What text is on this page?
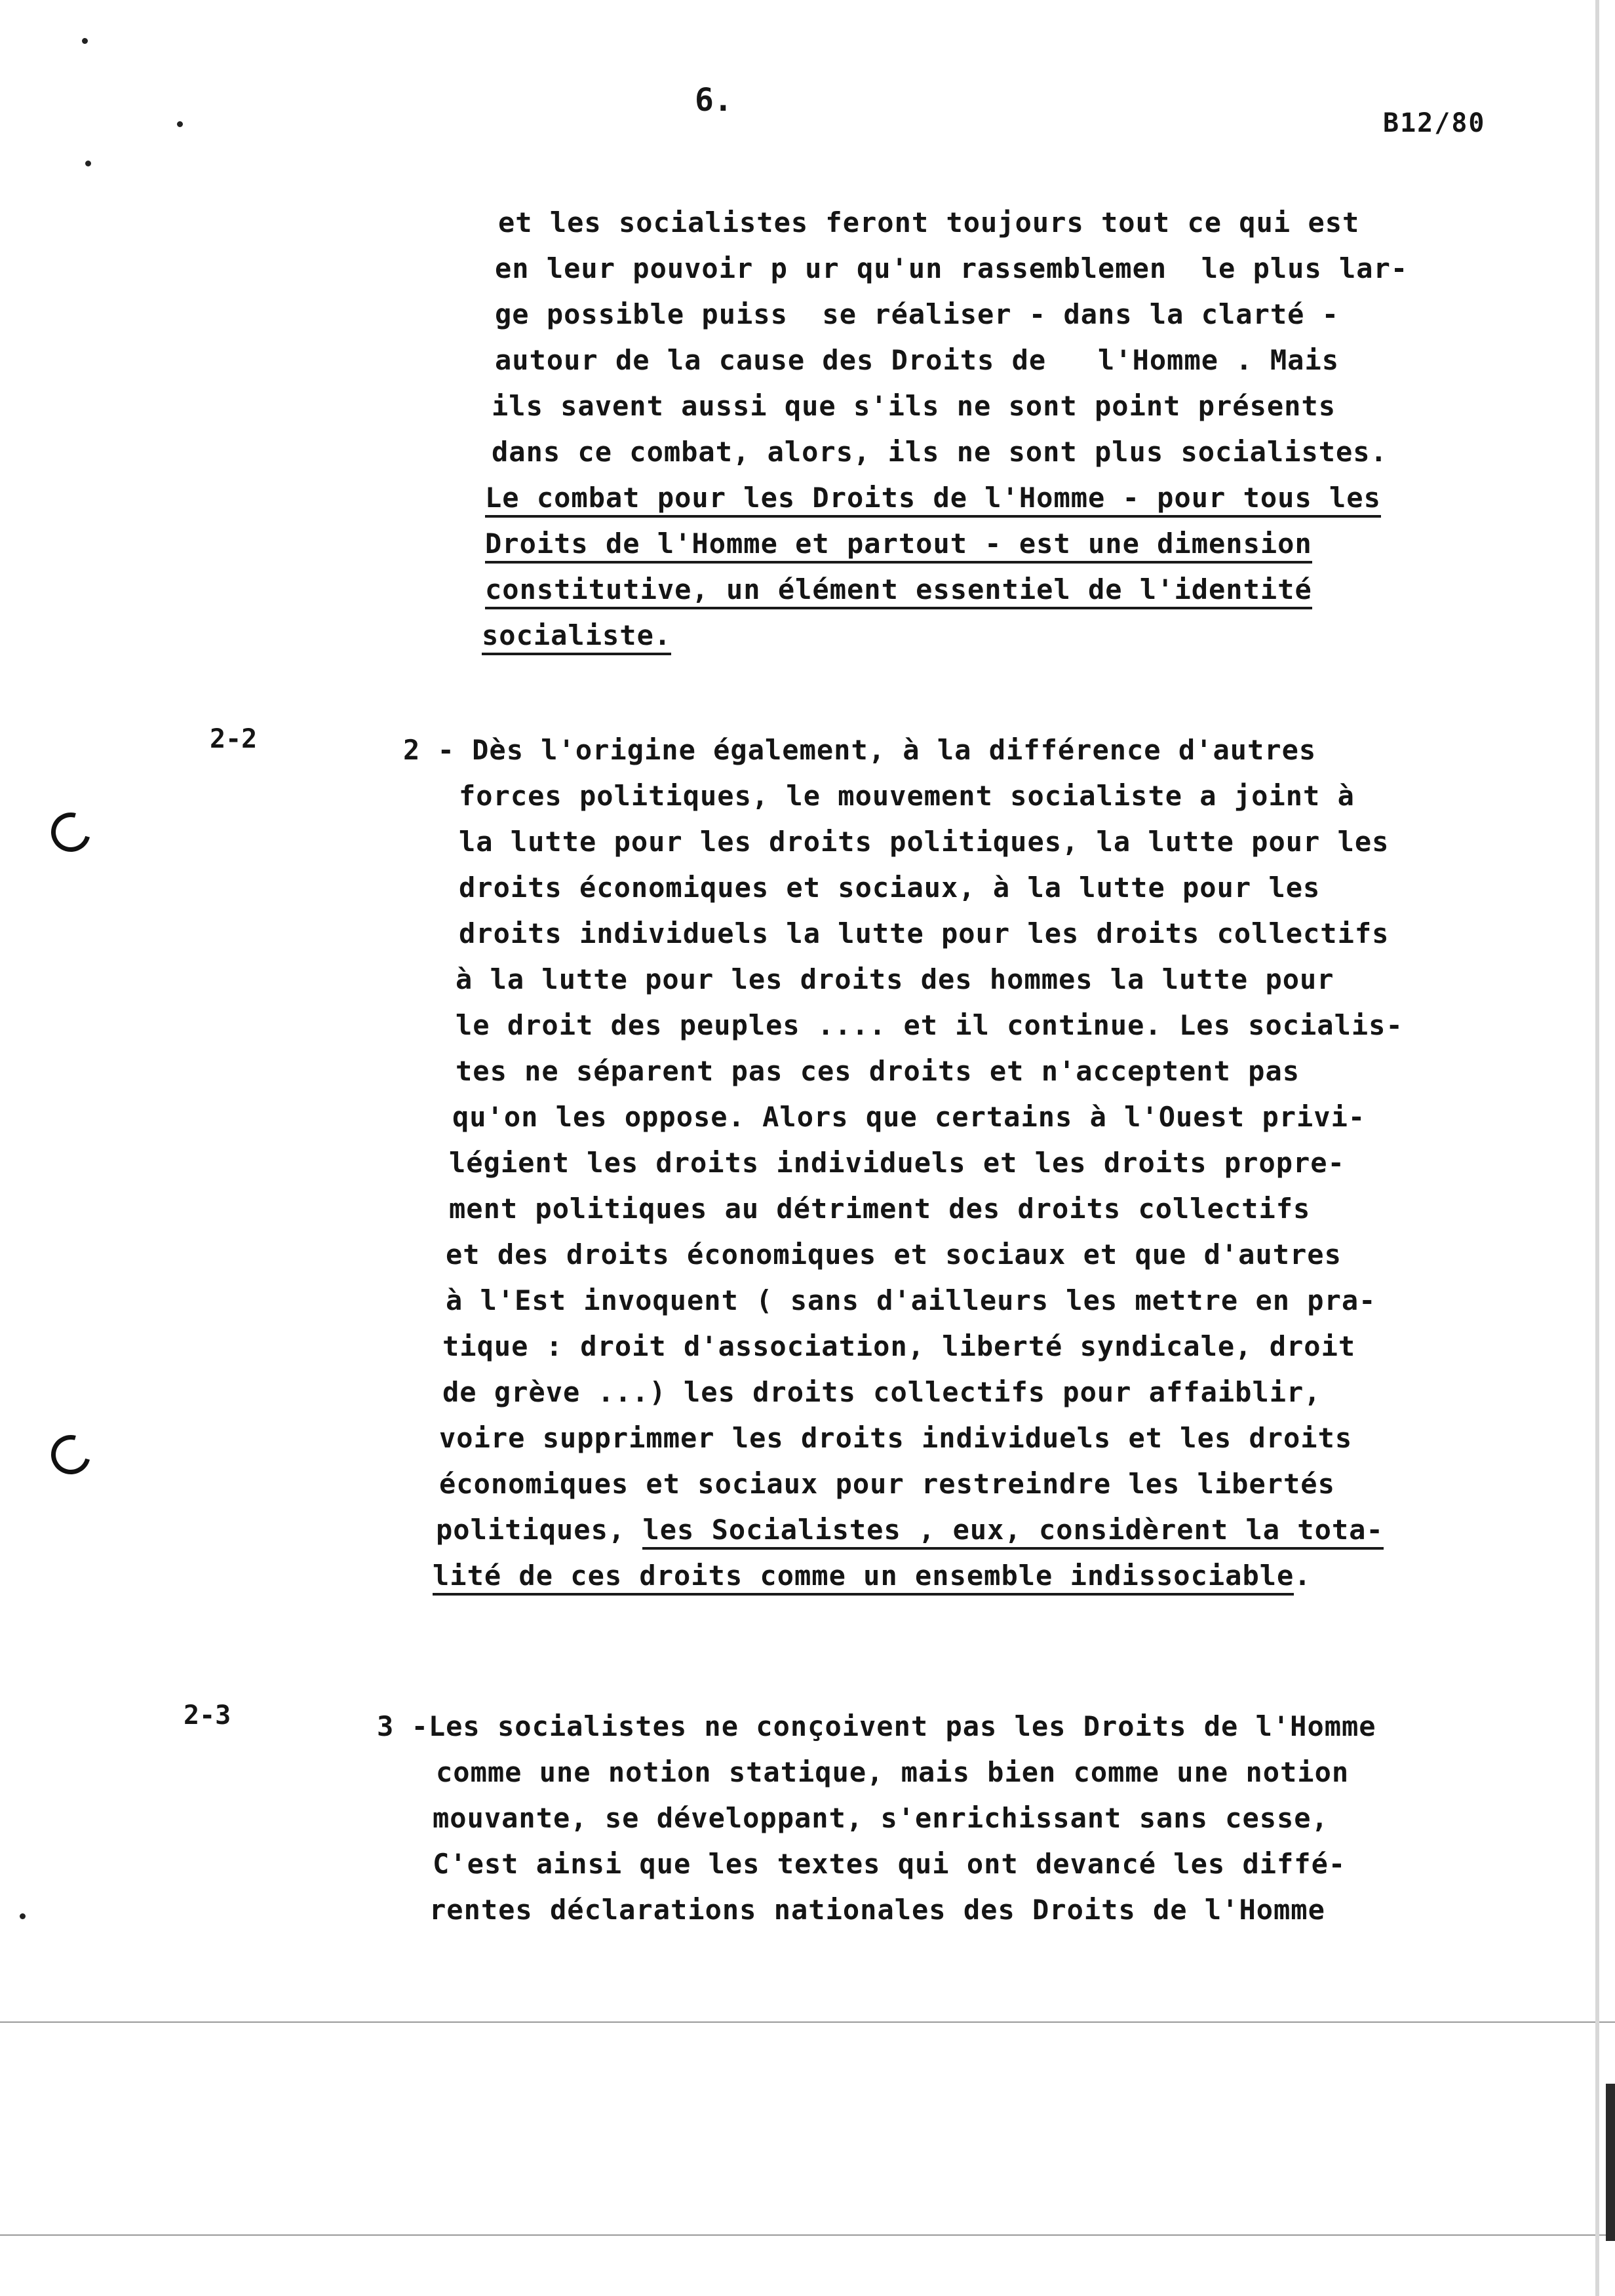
6.
B12/80
et les socialistes feront toujours tout ce qui est
en leur pouvoir p ur qu'un rassemblemen  le plus lar-
ge possible puiss  se réaliser - dans la clarté -
autour de la cause des Droits de   l'Homme . Mais
ils savent aussi que s'ils ne sont point présents
dans ce combat, alors, ils ne sont plus socialistes.
Le combat pour les Droits de l'Homme - pour tous les
Droits de l'Homme et partout - est une dimension
constitutive, un élément essentiel de l'identité
socialiste.
2-2	2 - Dès l'origine également, à la différence d'autres
forces politiques, le mouvement socialiste a joint à
la lutte pour les droits politiques, la lutte pour les
droits économiques et sociaux, à la lutte pour les
droits individuels la lutte pour les droits collectifs
à la lutte pour les droits des hommes la lutte pour
le droit des peuples .... et il continue. Les socialis-
tes ne séparent pas ces droits et n'acceptent pas
qu'on les oppose. Alors que certains à l'Ouest privi-
légient les droits individuels et les droits propre-
ment politiques au détriment des droits collectifs
et des droits économiques et sociaux et que d'autres
à l'Est invoquent ( sans d'ailleurs les mettre en pra-
tique : droit d'association, liberté syndicale, droit
de grève ...) les droits collectifs pour affaiblir,
voire supprimmer les droits individuels et les droits
économiques et sociaux pour restreindre les libertés
politiques, les Socialistes , eux, considèrent la tota-
lité de ces droits comme un ensemble indissociable.
2-3	3 -Les socialistes ne conçoivent pas les Droits de l'Homme
comme une notion statique, mais bien comme une notion
mouvante, se développant, s'enrichissant sans cesse,
C'est ainsi que les textes qui ont devancé les diffé-
rentes déclarations nationales des Droits de l'Homme
